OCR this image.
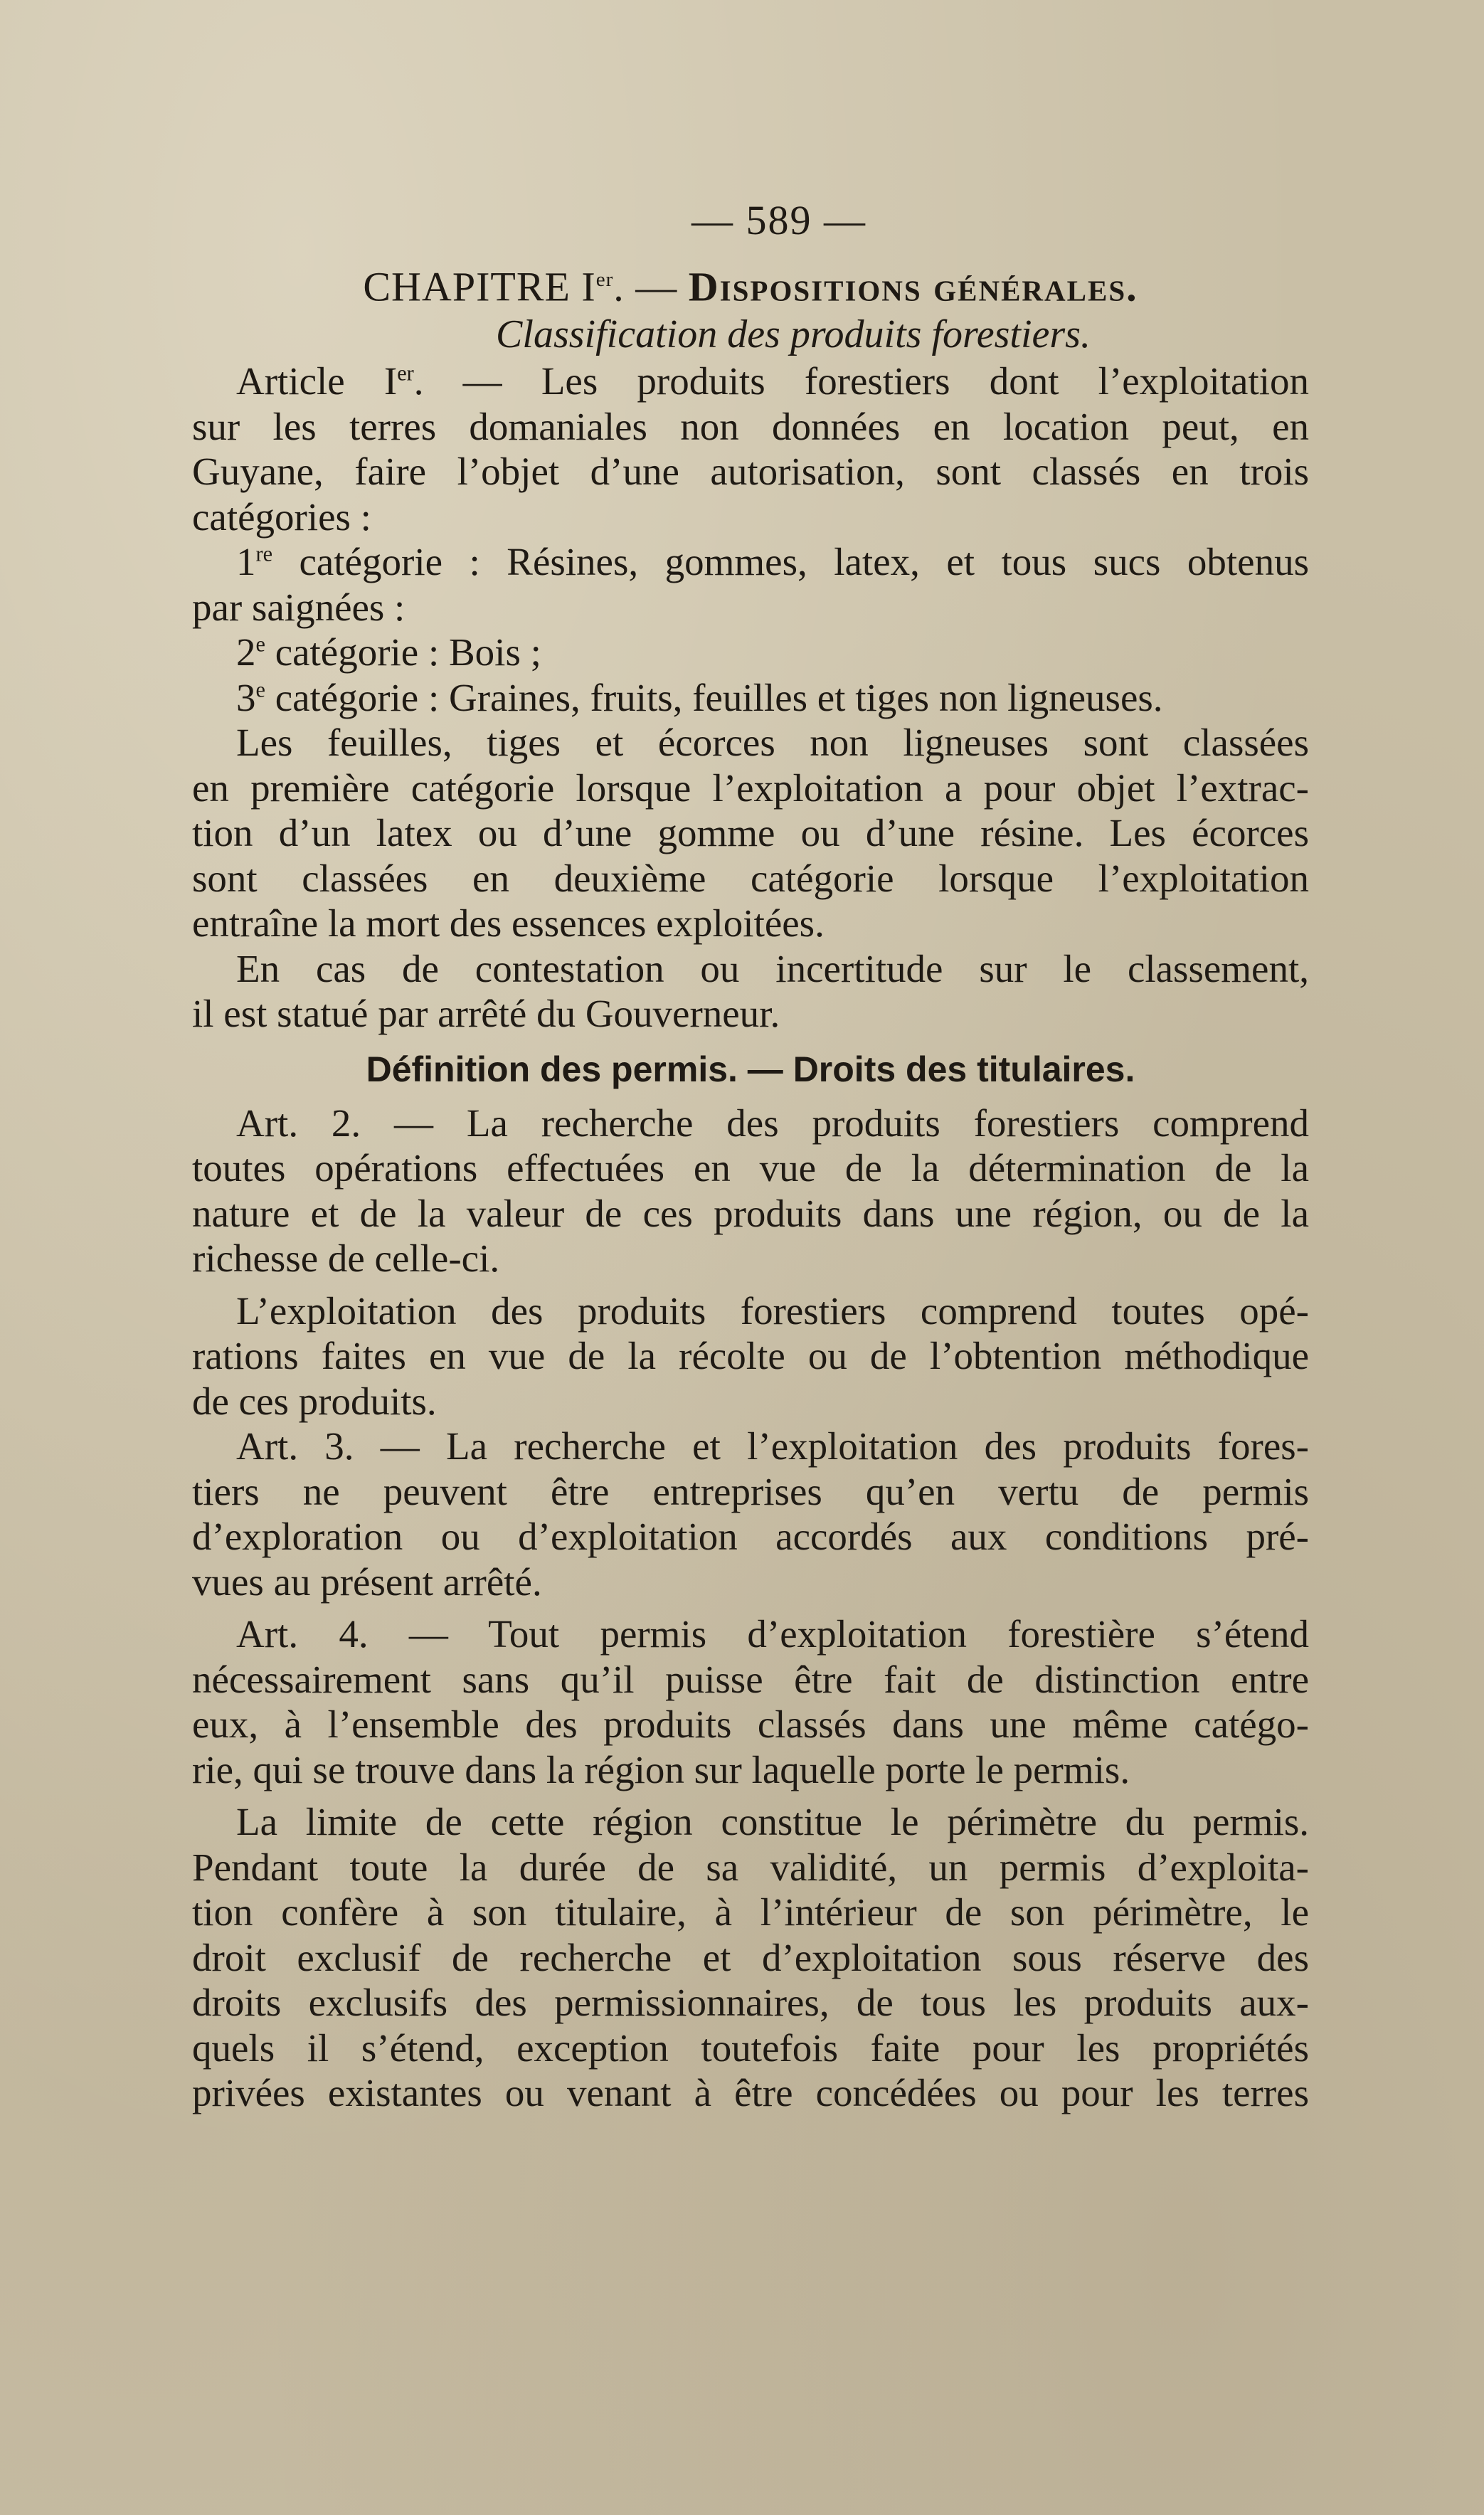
— 589 —
CHAPITRE Ier. — Dispositions générales.
Classification des produits forestiers.
Article Ier. — Les produits forestiers dont l’exploitation
sur les terres domaniales non données en location peut, en
Guyane, faire l’objet d’une autorisation, sont classés en trois
catégories :
1re catégorie : Résines, gommes, latex, et tous sucs obtenus
par saignées :
2e catégorie : Bois ;
3e catégorie : Graines, fruits, feuilles et tiges non ligneuses.
Les feuilles, tiges et écorces non ligneuses sont classées
en première catégorie lorsque l’exploitation a pour objet l’extrac-
tion d’un latex ou d’une gomme ou d’une résine. Les écorces
sont classées en deuxième catégorie lorsque l’exploitation
entraîne la mort des essences exploitées.
En cas de contestation ou incertitude sur le classement,
il est statué par arrêté du Gouverneur.
Définition des permis. — Droits des titulaires.
Art. 2. — La recherche des produits forestiers comprend
toutes opérations effectuées en vue de la détermination de la
nature et de la valeur de ces produits dans une région, ou de la
richesse de celle-ci.
L’exploitation des produits forestiers comprend toutes opé-
rations faites en vue de la récolte ou de l’obtention méthodique
de ces produits.
Art. 3. — La recherche et l’exploitation des produits fores-
tiers ne peuvent être entreprises qu’en vertu de permis
d’exploration ou d’exploitation accordés aux conditions pré-
vues au présent arrêté.
Art. 4. — Tout permis d’exploitation forestière s’étend
nécessairement sans qu’il puisse être fait de distinction entre
eux, à l’ensemble des produits classés dans une même catégo-
rie, qui se trouve dans la région sur laquelle porte le permis.
La limite de cette région constitue le périmètre du permis.
Pendant toute la durée de sa validité, un permis d’exploita-
tion confère à son titulaire, à l’intérieur de son périmètre, le
droit exclusif de recherche et d’exploitation sous réserve des
droits exclusifs des permissionnaires, de tous les produits aux-
quels il s’étend, exception toutefois faite pour les propriétés
privées existantes ou venant à être concédées ou pour les terres
